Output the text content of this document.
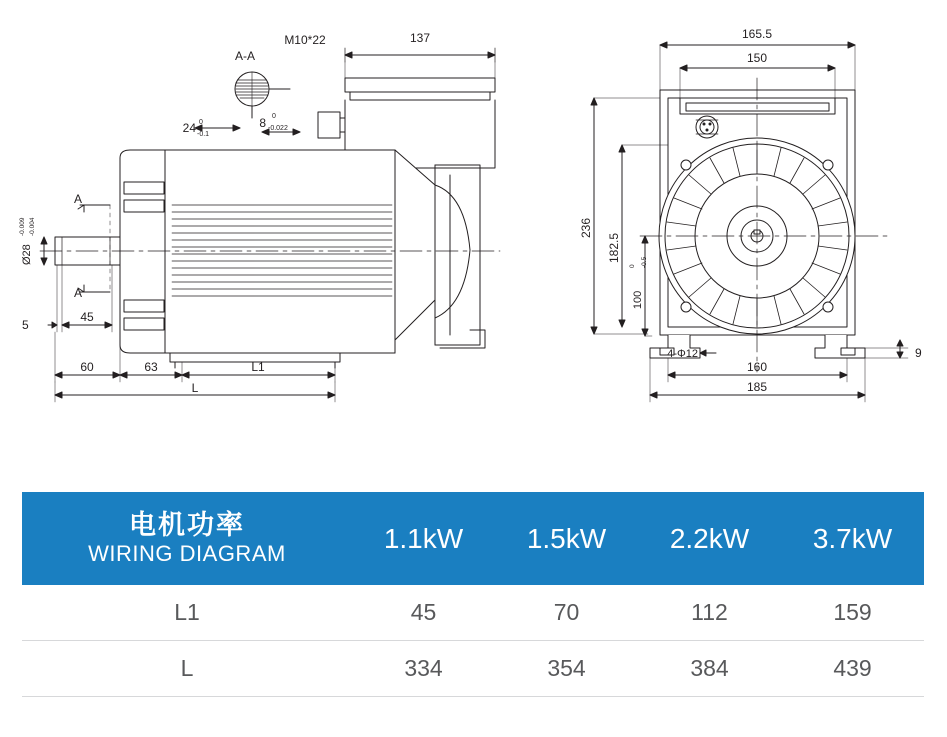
A-A
M10*22	137
24 0
-0.1
8 0
-0.022
A
A
Ø28
-0.009 -0.004
5
45
60	63	L1
L
165.5
150
236
182.5
100
0 -0.5
4-Φ12
160
185
9
电机功率
WIRING DIAGRAM	1.1kW	1.5kW	2.2kW	3.7kW

L1	45	70	112	159
L	334	354	384	439
